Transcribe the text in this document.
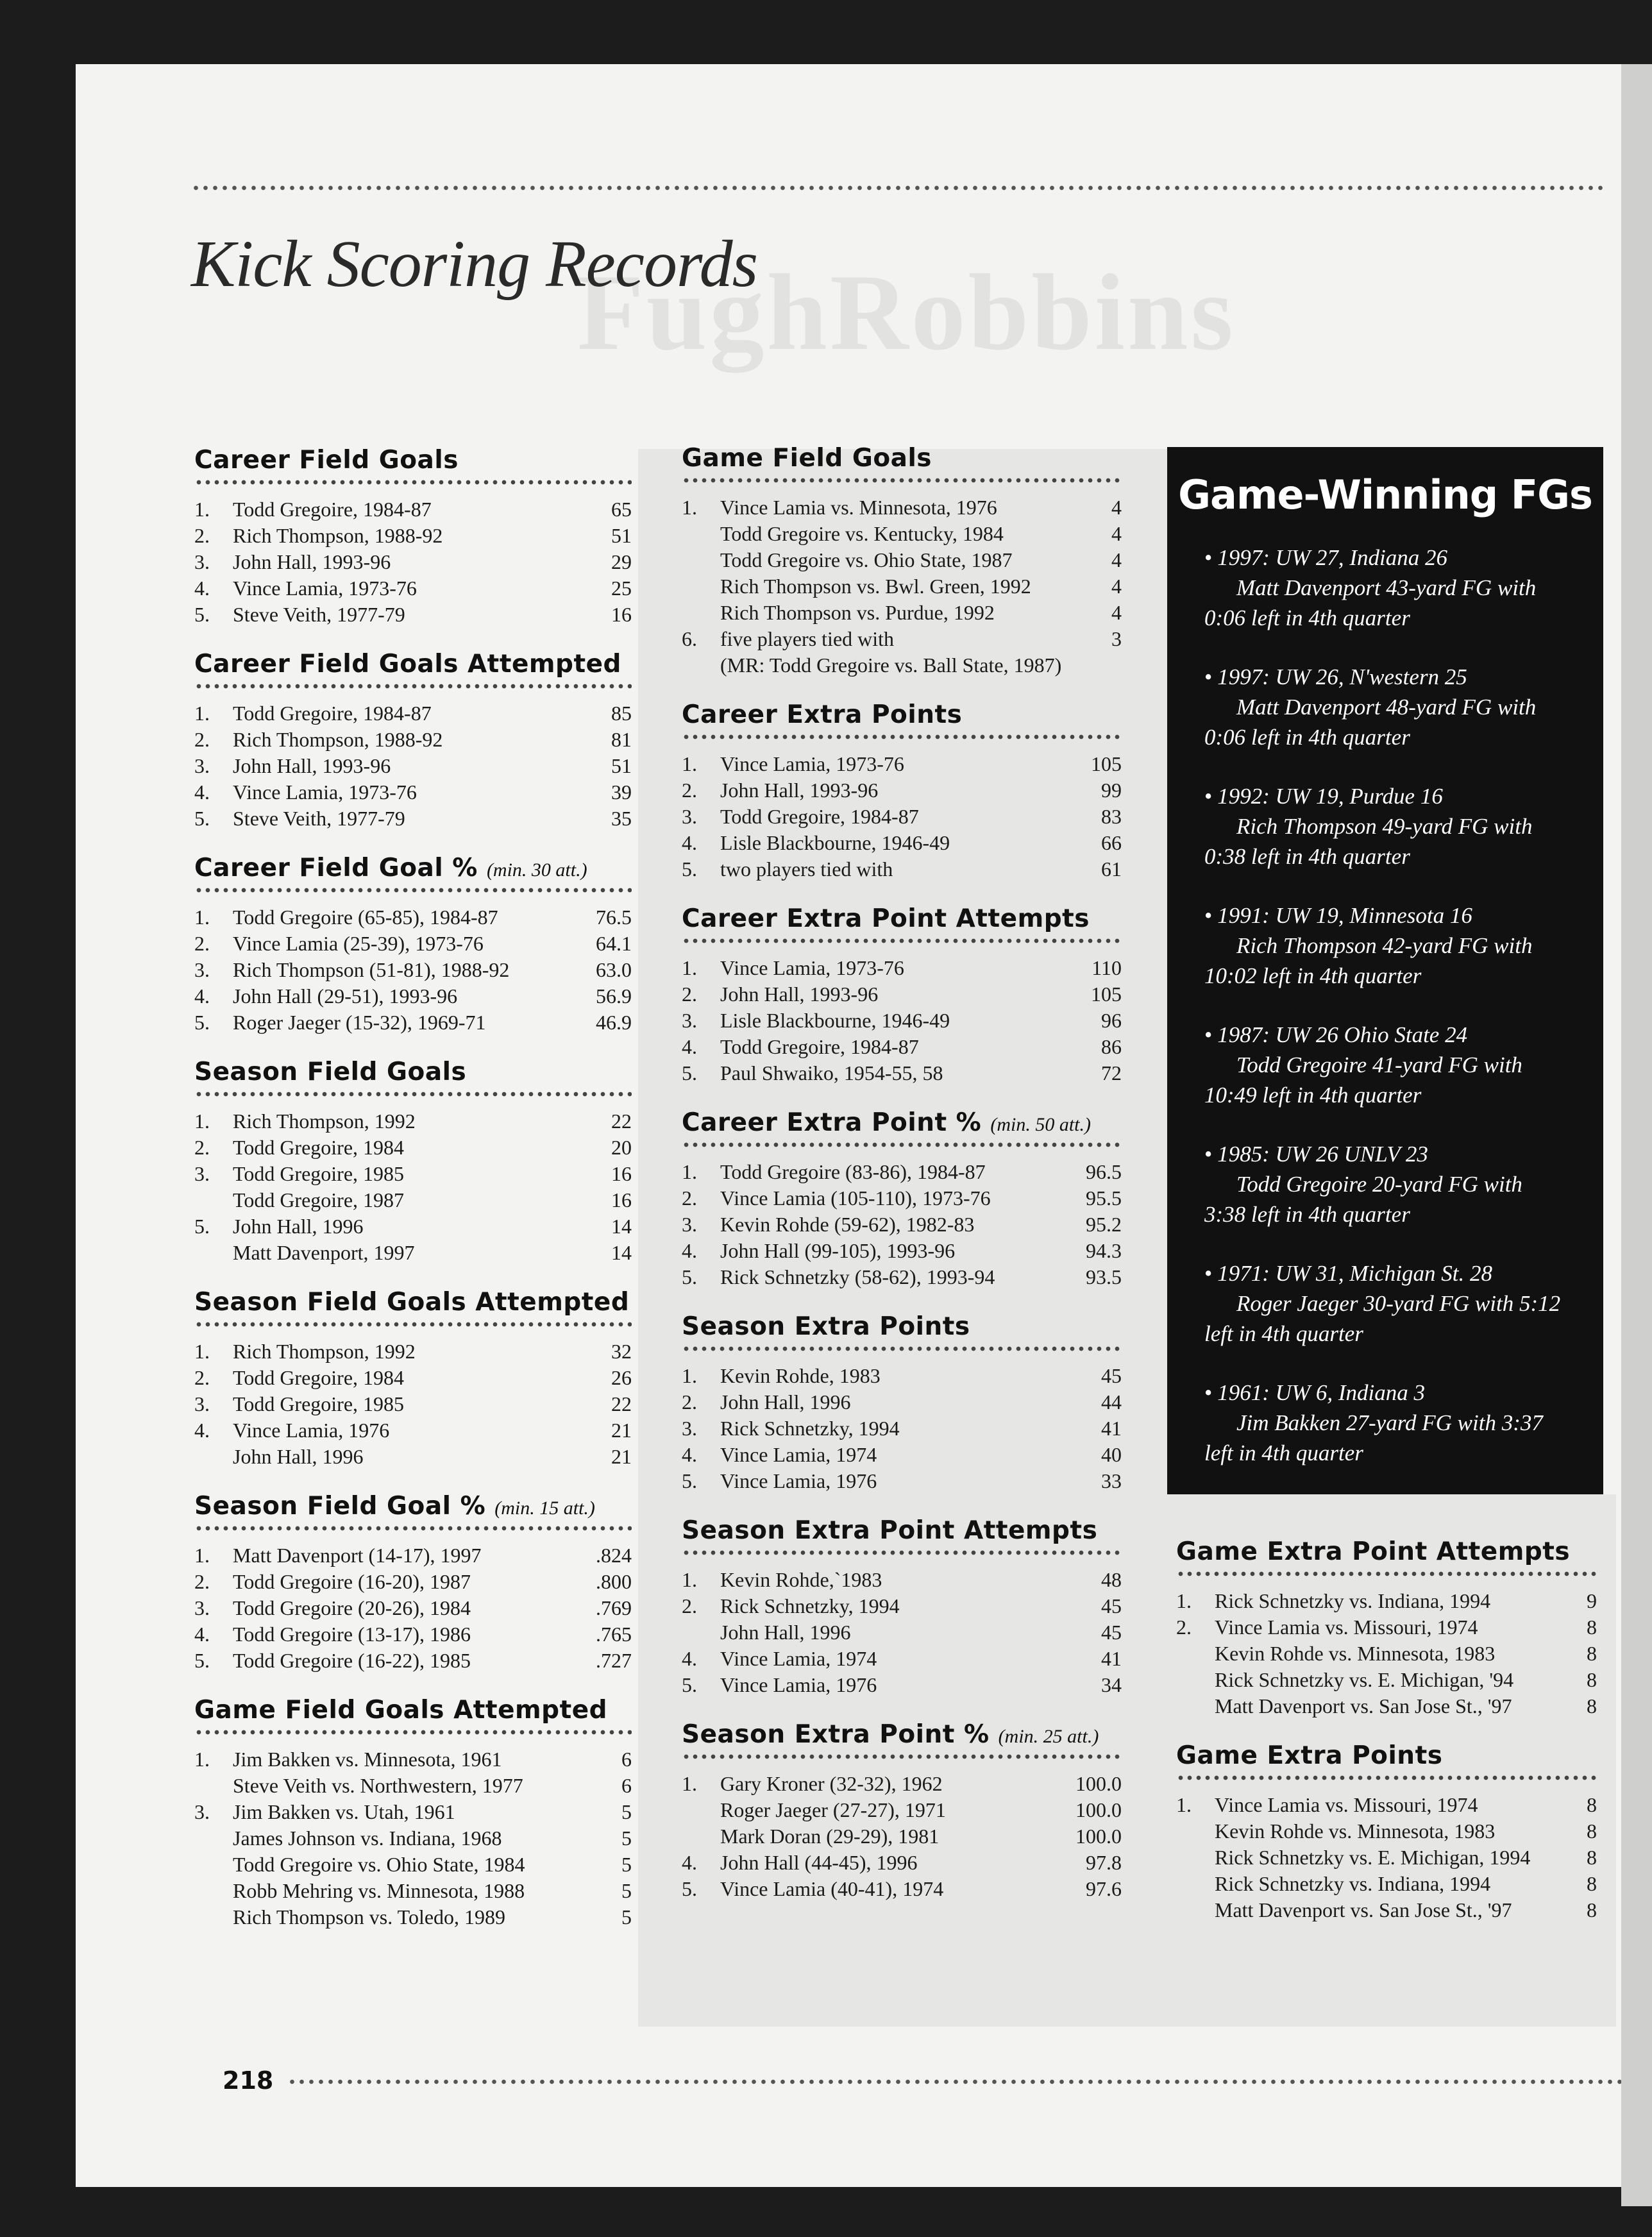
FughRobbins
Kick Scoring Records
Career Field Goals
1.	Todd Gregoire, 1984-87	65
2.	Rich Thompson, 1988-92	51
3.	John Hall, 1993-96	29
4.	Vince Lamia, 1973-76	25
5.	Steve Veith, 1977-79	16
Career Field Goals Attempted
1.	Todd Gregoire, 1984-87	85
2.	Rich Thompson, 1988-92	81
3.	John Hall, 1993-96	51
4.	Vince Lamia, 1973-76	39
5.	Steve Veith, 1977-79	35
Career Field Goal % (min. 30 att.)
1.	Todd Gregoire (65-85), 1984-87	76.5
2.	Vince Lamia (25-39), 1973-76	64.1
3.	Rich Thompson (51-81), 1988-92	63.0
4.	John Hall (29-51), 1993-96	56.9
5.	Roger Jaeger (15-32), 1969-71	46.9
Season Field Goals
1.	Rich Thompson, 1992	22
2.	Todd Gregoire, 1984	20
3.	Todd Gregoire, 1985	16
Todd Gregoire, 1987	16
5.	John Hall, 1996	14
Matt Davenport, 1997	14
Season Field Goals Attempted
1.	Rich Thompson, 1992	32
2.	Todd Gregoire, 1984	26
3.	Todd Gregoire, 1985	22
4.	Vince Lamia, 1976	21
John Hall, 1996	21
Season Field Goal % (min. 15 att.)
1.	Matt Davenport (14-17), 1997	.824
2.	Todd Gregoire (16-20), 1987	.800
3.	Todd Gregoire (20-26), 1984	.769
4.	Todd Gregoire (13-17), 1986	.765
5.	Todd Gregoire (16-22), 1985	.727
Game Field Goals Attempted
1.	Jim Bakken vs. Minnesota, 1961	6
Steve Veith vs. Northwestern, 1977	6
3.	Jim Bakken vs. Utah, 1961	5
James Johnson vs. Indiana, 1968	5
Todd Gregoire vs. Ohio State, 1984	5
Robb Mehring vs. Minnesota, 1988	5
Rich Thompson vs. Toledo, 1989	5
Game Field Goals
1.	Vince Lamia vs. Minnesota, 1976	4
Todd Gregoire vs. Kentucky, 1984	4
Todd Gregoire vs. Ohio State, 1987	4
Rich Thompson vs. Bwl. Green, 1992	4
Rich Thompson vs. Purdue, 1992	4
6.	five players tied with	3
(MR: Todd Gregoire vs. Ball State, 1987)
Career Extra Points
1.	Vince Lamia, 1973-76	105
2.	John Hall, 1993-96	99
3.	Todd Gregoire, 1984-87	83
4.	Lisle Blackbourne, 1946-49	66
5.	two players tied with	61
Career Extra Point Attempts
1.	Vince Lamia, 1973-76	110
2.	John Hall, 1993-96	105
3.	Lisle Blackbourne, 1946-49	96
4.	Todd Gregoire, 1984-87	86
5.	Paul Shwaiko, 1954-55, 58	72
Career Extra Point % (min. 50 att.)
1.	Todd Gregoire (83-86), 1984-87	96.5
2.	Vince Lamia (105-110), 1973-76	95.5
3.	Kevin Rohde (59-62), 1982-83	95.2
4.	John Hall (99-105), 1993-96	94.3
5.	Rick Schnetzky (58-62), 1993-94	93.5
Season Extra Points
1.	Kevin Rohde, 1983	45
2.	John Hall, 1996	44
3.	Rick Schnetzky, 1994	41
4.	Vince Lamia, 1974	40
5.	Vince Lamia, 1976	33
Season Extra Point Attempts
1.	Kevin Rohde,`1983	48
2.	Rick Schnetzky, 1994	45
John Hall, 1996	45
4.	Vince Lamia, 1974	41
5.	Vince Lamia, 1976	34
Season Extra Point % (min. 25 att.)
1.	Gary Kroner (32-32), 1962	100.0
Roger Jaeger (27-27), 1971	100.0
Mark Doran (29-29), 1981	100.0
4.	John Hall (44-45), 1996	97.8
5.	Vince Lamia (40-41), 1974	97.6
Game-Winning FGs
• 1997: UW 27, Indiana 26
Matt Davenport 43-yard FG with
0:06 left in 4th quarter
• 1997: UW 26, N'western 25
Matt Davenport 48-yard FG with
0:06 left in 4th quarter
• 1992: UW 19, Purdue 16
Rich Thompson 49-yard FG with
0:38 left in 4th quarter
• 1991: UW 19, Minnesota 16
Rich Thompson 42-yard FG with
10:02 left in 4th quarter
• 1987: UW 26 Ohio State 24
Todd Gregoire 41-yard FG with
10:49 left in 4th quarter
• 1985: UW 26 UNLV 23
Todd Gregoire 20-yard FG with
3:38 left in 4th quarter
• 1971: UW 31, Michigan St. 28
Roger Jaeger 30-yard FG with 5:12
left in 4th quarter
• 1961: UW 6, Indiana 3
Jim Bakken 27-yard FG with 3:37
left in 4th quarter
Game Extra Point Attempts
1.	Rick Schnetzky vs. Indiana, 1994	9
2.	Vince Lamia vs. Missouri, 1974	8
Kevin Rohde vs. Minnesota, 1983	8
Rick Schnetzky vs. E. Michigan, '94	8
Matt Davenport vs. San Jose St., '97	8
Game Extra Points
1.	Vince Lamia vs. Missouri, 1974	8
Kevin Rohde vs. Minnesota, 1983	8
Rick Schnetzky vs. E. Michigan, 1994	8
Rick Schnetzky vs. Indiana, 1994	8
Matt Davenport vs. San Jose St., '97	8
218
